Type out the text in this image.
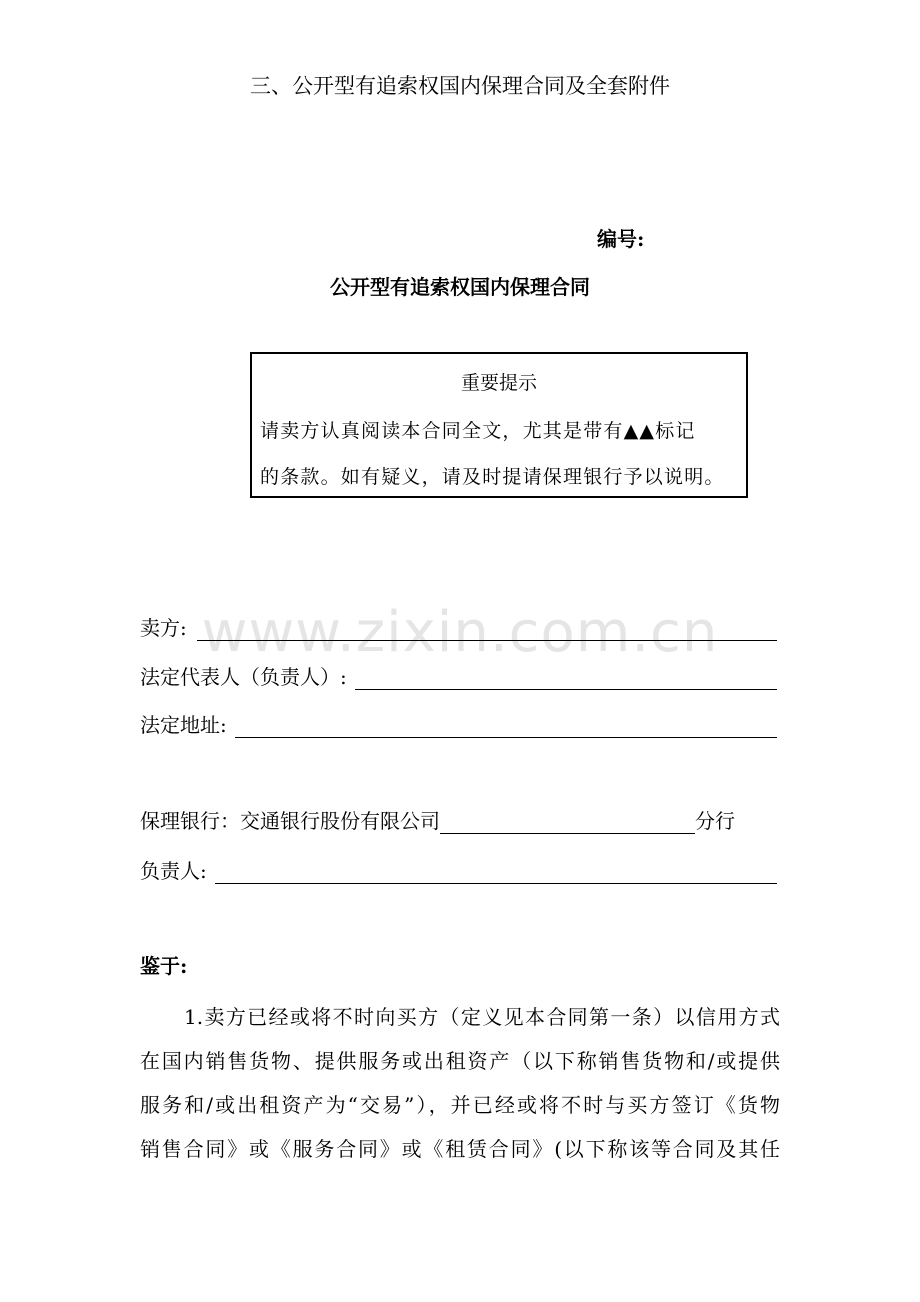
www.zixin.com.cn
三、公开型有追索权国内保理合同及全套附件
编号:
公开型有追索权国内保理合同
重要提示
请卖方认真阅读本合同全文，尤其是带有▲▲标记
的条款。如有疑义，请及时提请保理银行予以说明。
卖方:
法定代表人（负责人）:
法定地址:
保理银行：交通银行股份有限公司	分行
负责人:
鉴于:
1.卖方已经或将不时向买方（定义见本合同第一条）以信用方式
在国内销售货物、提供服务或出租资产（以下称销售货物和/或提供
服务和/或出租资产为“交易”），并已经或将不时与买方签订《货物
销售合同》或《服务合同》或《租赁合同》(以下称该等合同及其任
